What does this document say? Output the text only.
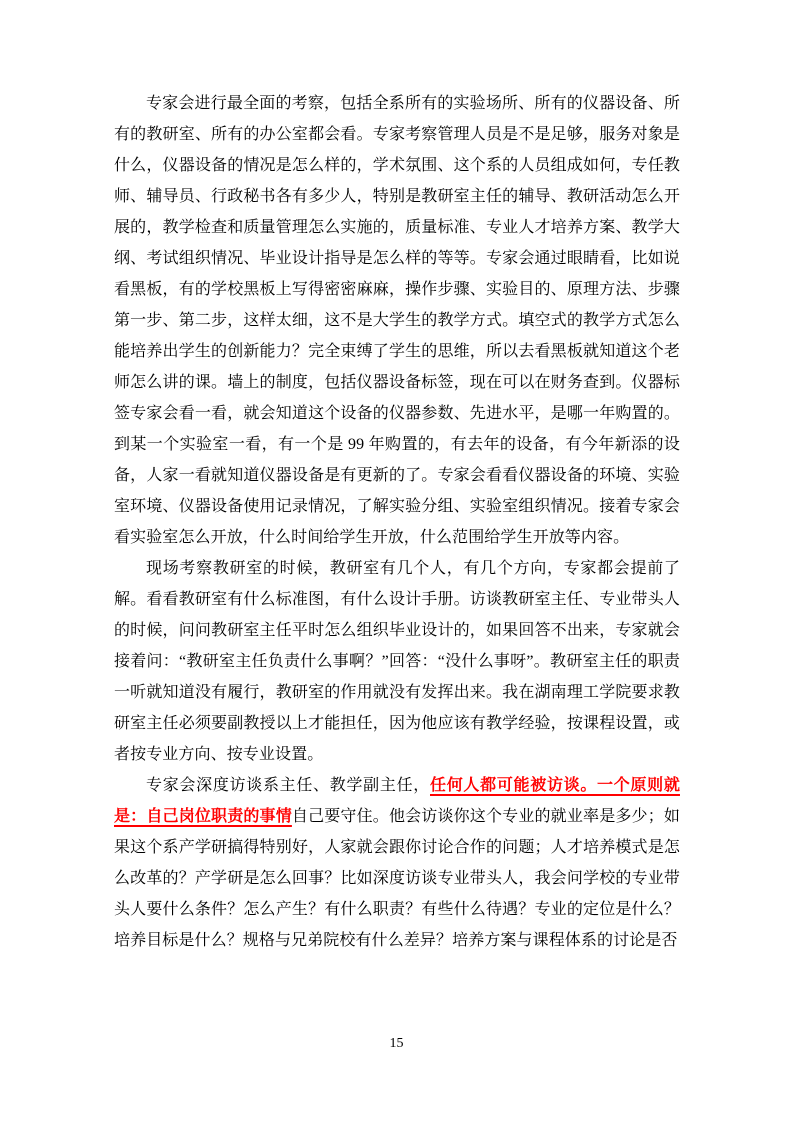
专家会进行最全面的考察，包括全系所有的实验场所、所有的仪器设备、所有的教研室、所有的办公室都会看。专家考察管理人员是不是足够，服务对象是什么，仪器设备的情况是怎么样的，学术氛围、这个系的人员组成如何，专任教师、辅导员、行政秘书各有多少人，特别是教研室主任的辅导、教研活动怎么开展的，教学检查和质量管理怎么实施的，质量标准、专业人才培养方案、教学大纲、考试组织情况、毕业设计指导是怎么样的等等。专家会通过眼睛看，比如说看黑板，有的学校黑板上写得密密麻麻，操作步骤、实验目的、原理方法、步骤第一步、第二步，这样太细，这不是大学生的教学方式。填空式的教学方式怎么能培养出学生的创新能力？完全束缚了学生的思维，所以去看黑板就知道这个老师怎么讲的课。墙上的制度，包括仪器设备标签，现在可以在财务查到。仪器标签专家会看一看，就会知道这个设备的仪器参数、先进水平，是哪一年购置的。到某一个实验室一看，有一个是 99 年购置的，有去年的设备，有今年新添的设备，人家一看就知道仪器设备是有更新的了。专家会看看仪器设备的环境、实验室环境、仪器设备使用记录情况，了解实验分组、实验室组织情况。接着专家会看实验室怎么开放，什么时间给学生开放，什么范围给学生开放等内容。

现场考察教研室的时候，教研室有几个人，有几个方向，专家都会提前了解。看看教研室有什么标准图，有什么设计手册。访谈教研室主任、专业带头人的时候，问问教研室主任平时怎么组织毕业设计的，如果回答不出来，专家就会接着问：“教研室主任负责什么事啊？”回答：“没什么事呀”。教研室主任的职责一听就知道没有履行，教研室的作用就没有发挥出来。我在湖南理工学院要求教研室主任必须要副教授以上才能担任，因为他应该有教学经验，按课程设置，或者按专业方向、按专业设置。

专家会深度访谈系主任、教学副主任，任何人都可能被访谈。一个原则就是：自己岗位职责的事情自己要守住。他会访谈你这个专业的就业率是多少；如果这个系产学研搞得特别好，人家就会跟你讨论合作的问题；人才培养模式是怎么改革的？产学研是怎么回事？比如深度访谈专业带头人，我会问学校的专业带头人要什么条件？怎么产生？有什么职责？有些什么待遇？专业的定位是什么？培养目标是什么？规格与兄弟院校有什么差异？培养方案与课程体系的讨论是否

15
